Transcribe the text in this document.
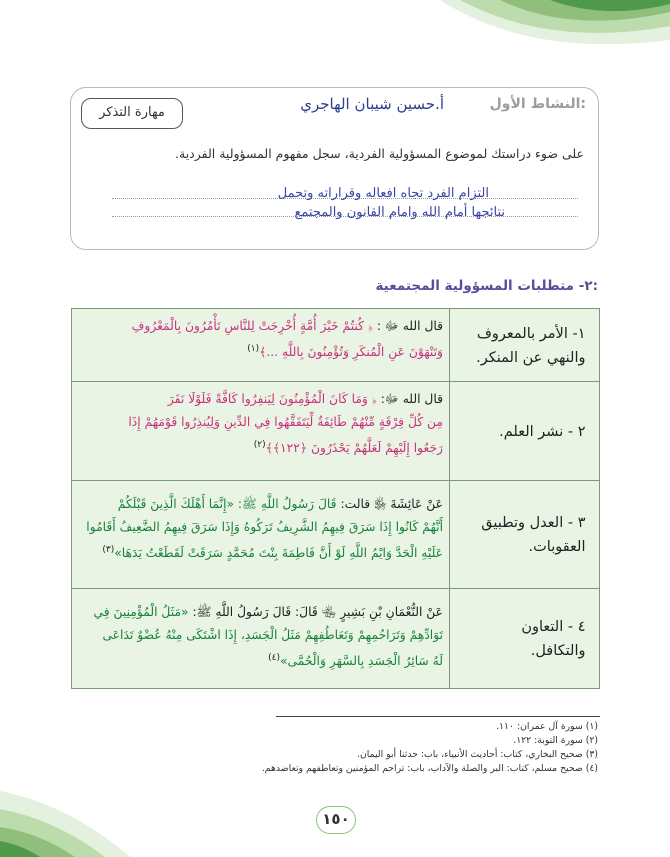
النشاط الأول:
أ.حسين شيبان الهاجري
مهارة التذكر
على ضوء دراستك لموضوع المسؤولية الفردية، سجل مفهوم المسؤولية الفردية.
التزام الفرد تجاه افعاله وقراراته وتحمل
نتائجها أمام الله وامام القانون والمجتمع
٢- متطلبات المسؤولية المجتمعية:
١- الأمر بالمعروف والنهي عن المنكر.
قال الله ﷻ : ﴿ كُنتُمْ خَيْرَ أُمَّةٍ أُخْرِجَتْ لِلنَّاسِ تَأْمُرُونَ بِالْمَعْرُوفِ
وَتَنْهَوْنَ عَنِ الْمُنكَرِ وَتُؤْمِنُونَ بِاللَّهِ ...﴾$^{(١)}$
٢ - نشر العلم.
قال الله ﷻ: ﴿ وَمَا كَانَ الْمُؤْمِنُونَ لِيَنفِرُوا كَافَّةً فَلَوْلَا نَفَرَ
مِن كُلِّ فِرْقَةٍ مِّنْهُمْ طَائِفَةٌ لِّيَتَفَقَّهُوا فِي الدِّينِ وَلِيُنذِرُوا قَوْمَهُمْ إِذَا
رَجَعُوا إِلَيْهِمْ لَعَلَّهُمْ يَحْذَرُونَ ﴿١٢٢﴾﴾$^{(٢)}$
٣ - العدل وتطبيق العقوبات.
عَنْ عَائِشَةَ ﵂ قالت: قَالَ رَسُولُ اللَّهِ ﷺ: «إِنَّمَا أَهْلَكَ الَّذِينَ قَبْلَكُمْ
أَنَّهُمْ كَانُوا إِذَا سَرَقَ فِيهِمُ الشَّرِيفُ تَرَكُوهُ وَإِذَا سَرَقَ فِيهِمُ الضَّعِيفُ أَقَامُوا
عَلَيْهِ الْحَدَّ وَايْمُ اللَّهِ لَوْ أَنَّ فَاطِمَةَ بِنْتَ مُحَمَّدٍ سَرَقَتْ لَقَطَعْتُ يَدَهَا»$^{(٣)}$
٤ - التعاون والتكافل.
عَنْ النُّعْمَانِ بْنِ بَشِيرٍ ﵄ قَالَ: قَالَ رَسُولُ اللَّهِ ﷺ: «مَثَلُ الْمُؤْمِنِينَ فِي
تَوَادِّهِمْ وَتَرَاحُمِهِمْ وَتَعَاطُفِهِمْ مَثَلُ الْجَسَدِ، إِذَا اشْتَكَى مِنْهُ عُضْوٌ تَدَاعَى
لَهُ سَائِرُ الْجَسَدِ بِالسَّهَرِ وَالْحُمَّى»$^{(٤)}$
(١) سورة آل عمران: ١١٠.
(٢) سورة التوبة: ١٢٢.
(٣) صحيح البخاري، كتاب: أحاديث الأنبياء، باب: حدثنا أبو اليمان.
(٤) صحيح مسلم، كتاب: البر والصلة والآداب، باب: تراحم المؤمنين وتعاطفهم وتعاضدهم.
١٥٠
